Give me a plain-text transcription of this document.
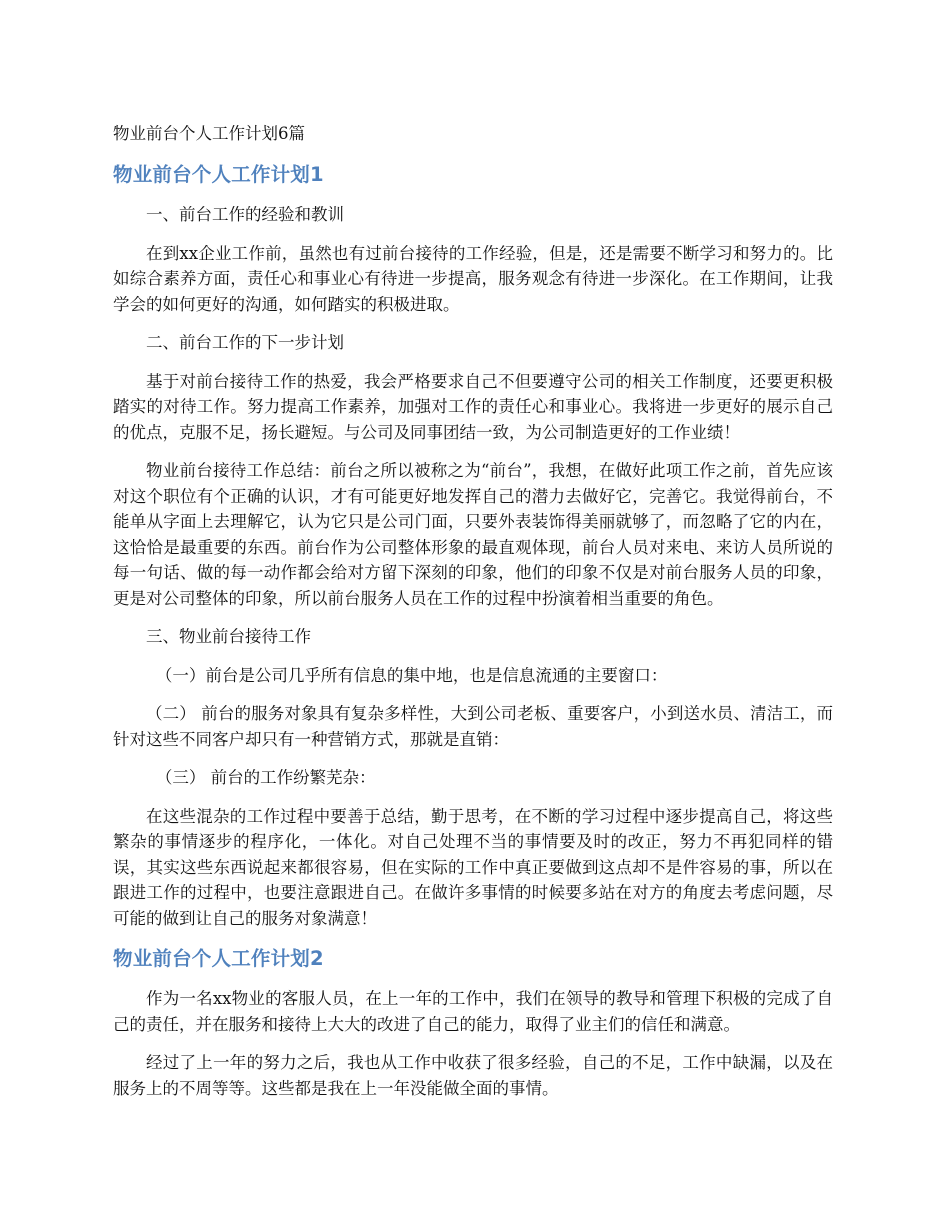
物业前台个人工作计划6篇

物业前台个人工作计划1

一、前台工作的经验和教训

在到xx企业工作前，虽然也有过前台接待的工作经验，但是，还是需要不断学习和努力的。比如综合素养方面，责任心和事业心有待进一步提高，服务观念有待进一步深化。在工作期间，让我学会的如何更好的沟通，如何踏实的积极进取。

二、前台工作的下一步计划

基于对前台接待工作的热爱，我会严格要求自己不但要遵守公司的相关工作制度，还要更积极踏实的对待工作。努力提高工作素养，加强对工作的责任心和事业心。我将进一步更好的展示自己的优点，克服不足，扬长避短。与公司及同事团结一致，为公司制造更好的工作业绩！

物业前台接待工作总结：前台之所以被称之为“前台”，我想，在做好此项工作之前，首先应该对这个职位有个正确的认识，才有可能更好地发挥自己的潜力去做好它，完善它。我觉得前台，不能单从字面上去理解它，认为它只是公司门面，只要外表装饰得美丽就够了，而忽略了它的内在，这恰恰是最重要的东西。前台作为公司整体形象的最直观体现，前台人员对来电、来访人员所说的每一句话、做的每一动作都会给对方留下深刻的印象，他们的印象不仅是对前台服务人员的印象，更是对公司整体的印象，所以前台服务人员在工作的过程中扮演着相当重要的角色。

三、物业前台接待工作

（一）前台是公司几乎所有信息的集中地，也是信息流通的主要窗口：

（二） 前台的服务对象具有复杂多样性，大到公司老板、重要客户，小到送水员、清洁工，而针对这些不同客户却只有一种营销方式，那就是直销：

（三） 前台的工作纷繁芜杂：

在这些混杂的工作过程中要善于总结，勤于思考，在不断的学习过程中逐步提高自己，将这些繁杂的事情逐步的程序化，一体化。对自己处理不当的事情要及时的改正，努力不再犯同样的错误，其实这些东西说起来都很容易，但在实际的工作中真正要做到这点却不是件容易的事，所以在跟进工作的过程中，也要注意跟进自己。在做许多事情的时候要多站在对方的角度去考虑问题，尽可能的做到让自己的服务对象满意！

物业前台个人工作计划2

作为一名xx物业的客服人员，在上一年的工作中，我们在领导的教导和管理下积极的完成了自己的责任，并在服务和接待上大大的改进了自己的能力，取得了业主们的信任和满意。

经过了上一年的努力之后，我也从工作中收获了很多经验，自己的不足，工作中缺漏，以及在服务上的不周等等。这些都是我在上一年没能做全面的事情。
